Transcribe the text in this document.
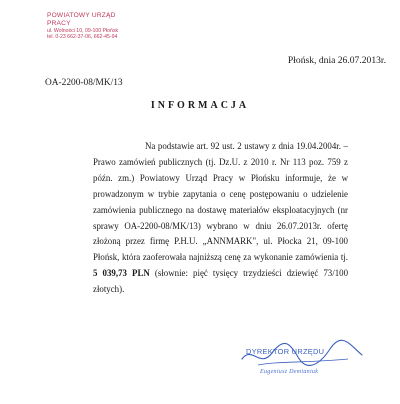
POWIATOWY URZĄD PRACY
ul. Wolności 10, 09-100 Płońsk
tel. 0-23 662-37-06, 662-45-94
Płońsk, dnia 26.07.2013r.
OA-2200-08/MK/13
INFORMACJA
Na podstawie art. 92 ust. 2 ustawy z dnia 19.04.2004r. – Prawo zamówień publicznych (tj. Dz.U. z 2010 r. Nr 113 poz. 759 z późn. zm.) Powiatowy Urząd Pracy w Płońsku informuje, że w prowadzonym w trybie zapytania o cenę postępowaniu o udzielenie zamówienia publicznego na dostawę materiałów eksploatacyjnych (nr sprawy OA-2200-08/MK/13) wybrano w dniu 26.07.2013r. ofertę złożoną przez firmę P.H.U. „ANNMARK", ul. Płocka 21, 09-100 Płońsk, która zaoferowała najniższą cenę za wykonanie zamówienia tj. 5 039,73 PLN (słownie: pięć tysięcy trzydzieści dziewięć 73/100 złotych).
DYREKTOR URZĘDU
Eugeniusz Demianiuk
